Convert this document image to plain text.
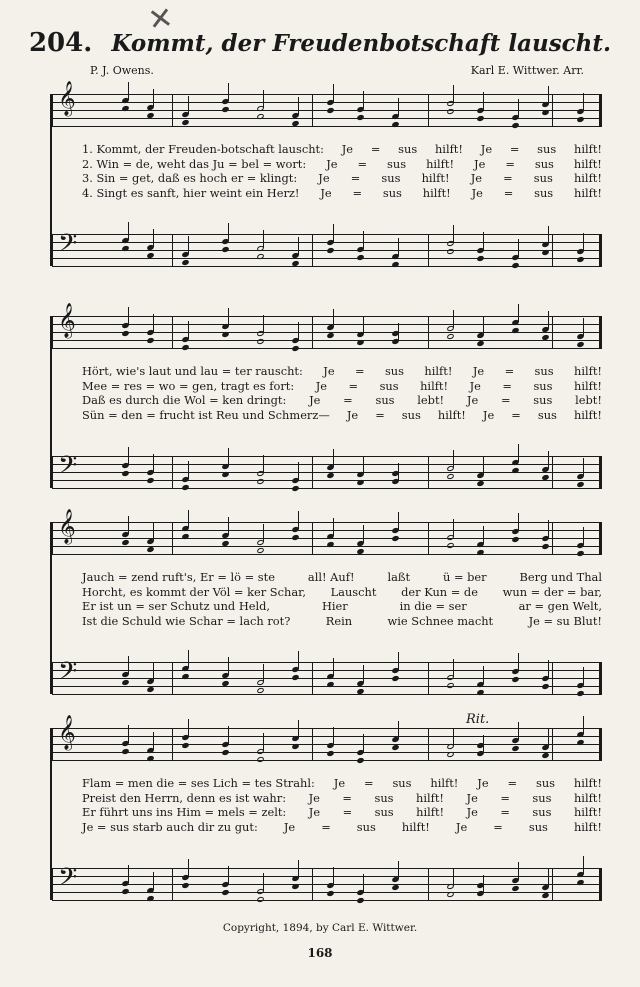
✕
204. Kommt, der Freudenbotschaft lauscht.
P. J. Owens.	Karl E. Wittwer. Arr.
𝄞
𝄢
1. Kommt, der Freuden-botschaft lauscht: Je = sus hilft! Je = sus hilft!
2. Win = de, weht das Ju = bel = wort: Je = sus hilft! Je = sus hilft!
3. Sin = get, daß es hoch er = klingt: Je = sus hilft! Je = sus hilft!
4. Singt es sanft, hier weint ein Herz! Je = sus hilft! Je = sus hilft!
𝄞
𝄢
Hört, wie's laut und lau = ter rauscht: Je = sus hilft! Je = sus hilft!
Mee = res = wo = gen, tragt es fort: Je = sus hilft! Je = sus hilft!
Daß es durch die Wol = ken dringt: Je = sus lebt! Je = sus lebt!
Sün = den = frucht ist Reu und Schmerz— Je = sus hilft! Je = sus hilft!
𝄞
𝄢
Jauch = zend ruft's, Er = lö = ste	all! Auf!	laßt	ü = ber	Berg und Thal
Horcht, es kommt der Völ = ker Schar, Lauscht der Kun = de wun = der = bar,
Er ist un = ser Schutz und Held,	Hier	in die = ser	ar = gen Welt,
Ist die Schuld wie Schar = lach rot?	Rein	wie Schnee macht	Je = su Blut!
𝄞	Rit.
𝄢
Flam = men die = ses Lich = tes Strahl: Je = sus hilft! Je = sus hilft!
Preist den Herrn, denn es ist wahr: Je = sus hilft! Je = sus hilft!
Er führt uns ins Him = mels = zelt: Je = sus hilft! Je = sus hilft!
Je = sus starb auch dir zu gut: Je = sus hilft! Je = sus hilft!
Copyright, 1894, by Carl E. Wittwer.
168
